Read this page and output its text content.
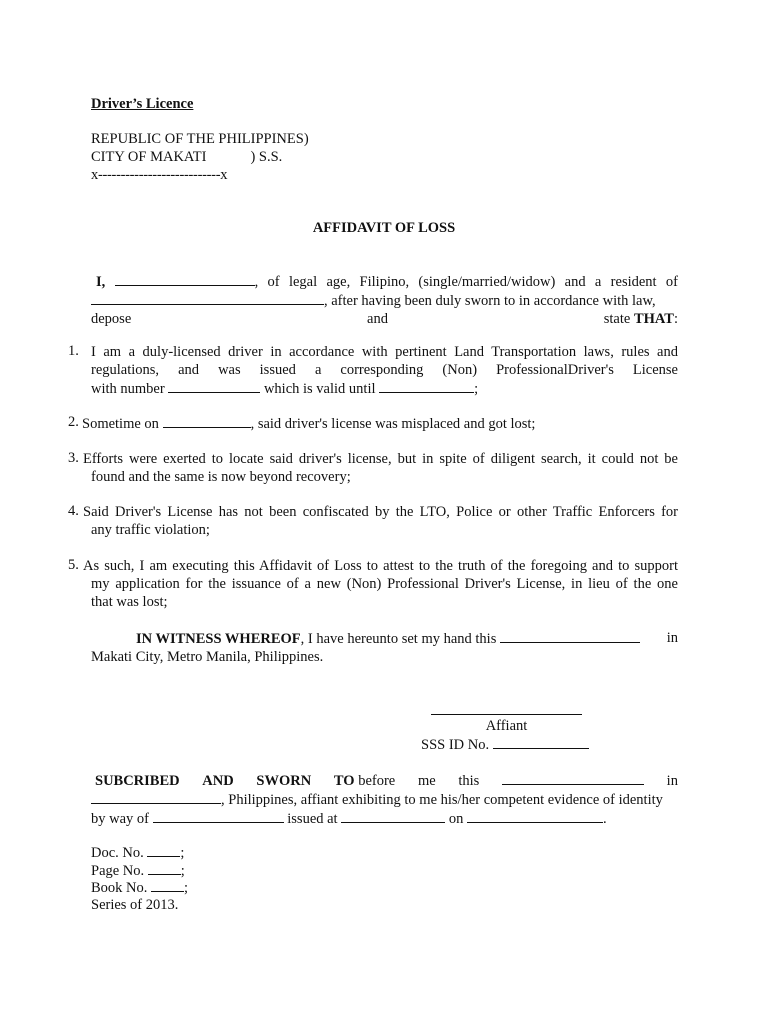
Driver’s Licence
REPUBLIC OF THE PHILIPPINES)
CITY OF MAKATI	) S.S.
x---------------------------x
AFFIDAVIT OF LOSS
I,	, of legal age, Filipino, (single/married/widow) and a resident of
, after having been duly sworn to in accordance with law,
depose	and	state THAT:
1. I am a duly-licensed driver in accordance with pertinent Land Transportation laws, rules and
regulations, and was issued a corresponding (Non) ProfessionalDriver's License
with number	which is valid until	;
2. Sometime on	, said driver's license was misplaced and got lost;
3. Efforts were exerted to locate said driver's license, but in spite of diligent search, it could not be
found and the same is now beyond recovery;
4. Said Driver's License has not been confiscated by the LTO, Police or other Traffic Enforcers for
any traffic violation;
5. As such, I am executing this Affidavit of Loss to attest to the truth of the foregoing and to support
my application for the issuance of a new (Non) Professional Driver's License, in lieu of the one
that was lost;
IN WITNESS WHEREOF, I have hereunto set my hand this	in
Makati City, Metro Manila, Philippines.
Affiant
SSS ID No.
SUBCRIBED AND SWORN TO before me this	in
, Philippines, affiant exhibiting to me his/her competent evidence of identity
by way of	issued at	on	.
Doc. No.	;
Page No.	;
Book No.	;
Series of 2013.
